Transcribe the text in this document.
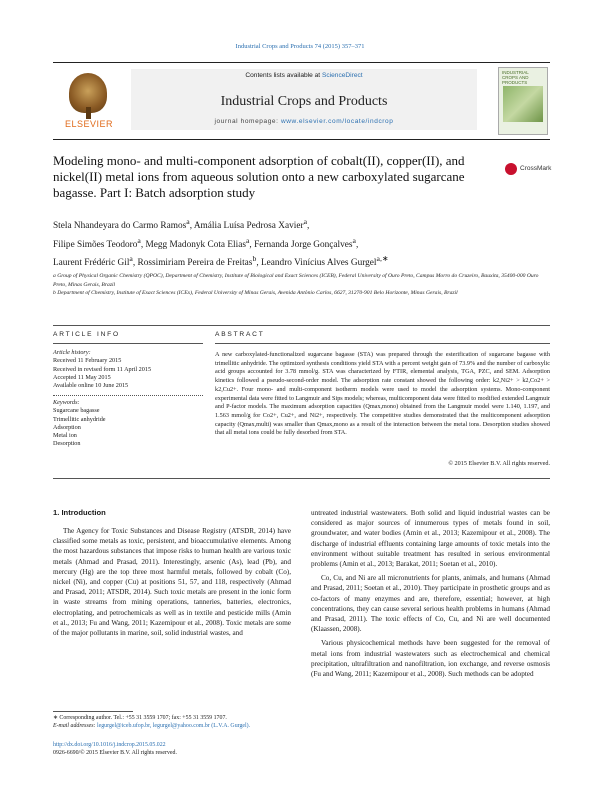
Industrial Crops and Products 74 (2015) 357–371
ELSEVIER
Contents lists available at ScienceDirect
Industrial Crops and Products
journal homepage: www.elsevier.com/locate/indcrop
INDUSTRIAL CROPS AND PRODUCTS
Modeling mono- and multi-component adsorption of cobalt(II), copper(II), and nickel(II) metal ions from aqueous solution onto a new carboxylated sugarcane bagasse. Part I: Batch adsorption study
CrossMark
Stela Nhandeyara do Carmo Ramos$^a$, Amália Luísa Pedrosa Xavier$^a$,
Filipe Simões Teodoro$^a$, Megg Madonyk Cota Elias$^a$, Fernanda Jorge Gonçalves$^a$,
Laurent Frédéric Gil$^a$, Rossimiriam Pereira de Freitas$^b$, Leandro Vinícius Alves Gurgel$^{a,∗}$
a Group of Physical Organic Chemistry (QPOC), Department of Chemistry, Institute of Biological and Exact Sciences (ICEB), Federal University of Ouro Preto, Campus Morro do Cruzeiro, Bauxita, 35400-000 Ouro Preto, Minas Gerais, Brazil
b Department of Chemistry, Institute of Exact Sciences (ICEx), Federal University of Minas Gerais, Avenida Antônio Carlos, 6627, 31270-901 Belo Horizonte, Minas Gerais, Brazil
ARTICLE INFO	ABSTRACT
Article history:
Received 11 February 2015
Received in revised form 11 April 2015
Accepted 11 May 2015
Available online 10 June 2015
Keywords:
Sugarcane bagasse
Trimellitic anhydride
Adsorption
Metal ion
Desorption
A new carboxylated-functionalized sugarcane bagasse (STA) was prepared through the esterification of sugarcane bagasse with trimellitic anhydride. The optimized synthesis conditions yield STA with a percent weight gain of 73.9% and the number of carboxylic acid groups accounted for 3.78 mmol/g. STA was characterized by FTIR, elemental analysis, TGA, PZC, and SEM. Adsorption kinetics followed a pseudo-second-order model. The adsorption rate constant showed the following order: k2,Ni2+ > k2,Co2+ > k2,Cu2+. Four mono- and multi-component isotherm models were used to model the adsorption systems. Mono-component experimental data were fitted to Langmuir and Sips models; whereas, multicomponent data were fitted to modified extended Langmuir and P-factor models. The maximum adsorption capacities (Qmax,mono) obtained from the Langmuir model were 1.140, 1.197, and 1.563 mmol/g for Co2+, Cu2+, and Ni2+, respectively. The competitive studies demonstrated that the multicomponent adsorption capacity (Qmax,multi) was smaller than Qmax,mono as a result of the interaction between the metal ions. Desorption studies showed that all metal ions could be fully desorbed from STA.
© 2015 Elsevier B.V. All rights reserved.
1. Introduction

The Agency for Toxic Substances and Disease Registry (ATSDR, 2014) have classified some metals as toxic, persistent, and bioaccumulative elements. Among the most hazardous substances that impose risks to human health are various toxic metals (Ahmad and Prasad, 2011). Interestingly, arsenic (As), lead (Pb), and mercury (Hg) are the top three most harmful metals, followed by cobalt (Co), nickel (Ni), and copper (Cu) at positions 51, 57, and 118, respectively (Ahmad and Prasad, 2011; ATSDR, 2014). Such toxic metals are present in the ionic form in waste streams from mining operations, tanneries, batteries, electronics, electroplating, and petrochemicals as well as in textile and pesticide mills (Amin et al., 2013; Fu and Wang, 2011; Kazemipour et al., 2008). Toxic metals are some of the major pollutants in marine, soil, solid industrial wastes, and

untreated industrial wastewaters. Both solid and liquid industrial wastes can be considered as major sources of innumerous types of metals found in soil, groundwater, and water bodies (Amin et al., 2013; Kazemipour et al., 2008). The discharge of industrial effluents containing large amounts of toxic metals into the environment without suitable treatment has resulted in serious environmental problems (Amin et al., 2013; Barakat, 2011; Soetan et al., 2010).

Co, Cu, and Ni are all micronutrients for plants, animals, and humans (Ahmad and Prasad, 2011; Soetan et al., 2010). They participate in prosthetic groups and as co-factors of many enzymes and are, therefore, essential; however, at high concentrations, they can cause several serious health problems in humans (Ahmad and Prasad, 2011). The toxic effects of Co, Cu, and Ni are well documented (Klaassen, 2008).

Various physicochemical methods have been suggested for the removal of metal ions from industrial wastewaters such as electrochemical and chemical precipitation, ultrafiltration and nanofiltration, ion exchange, and reverse osmosis (Fu and Wang, 2011; Kazemipour et al., 2008). Such methods can be adopted

∗ Corresponding author. Tel.: +55 31 3559 1707; fax: +55 31 3559 1707.
E-mail addresses: legurgel@iceb.ufop.br, legurgel@yahoo.com.br (L.V.A. Gurgel).
http://dx.doi.org/10.1016/j.indcrop.2015.05.022
0926-6690/© 2015 Elsevier B.V. All rights reserved.
